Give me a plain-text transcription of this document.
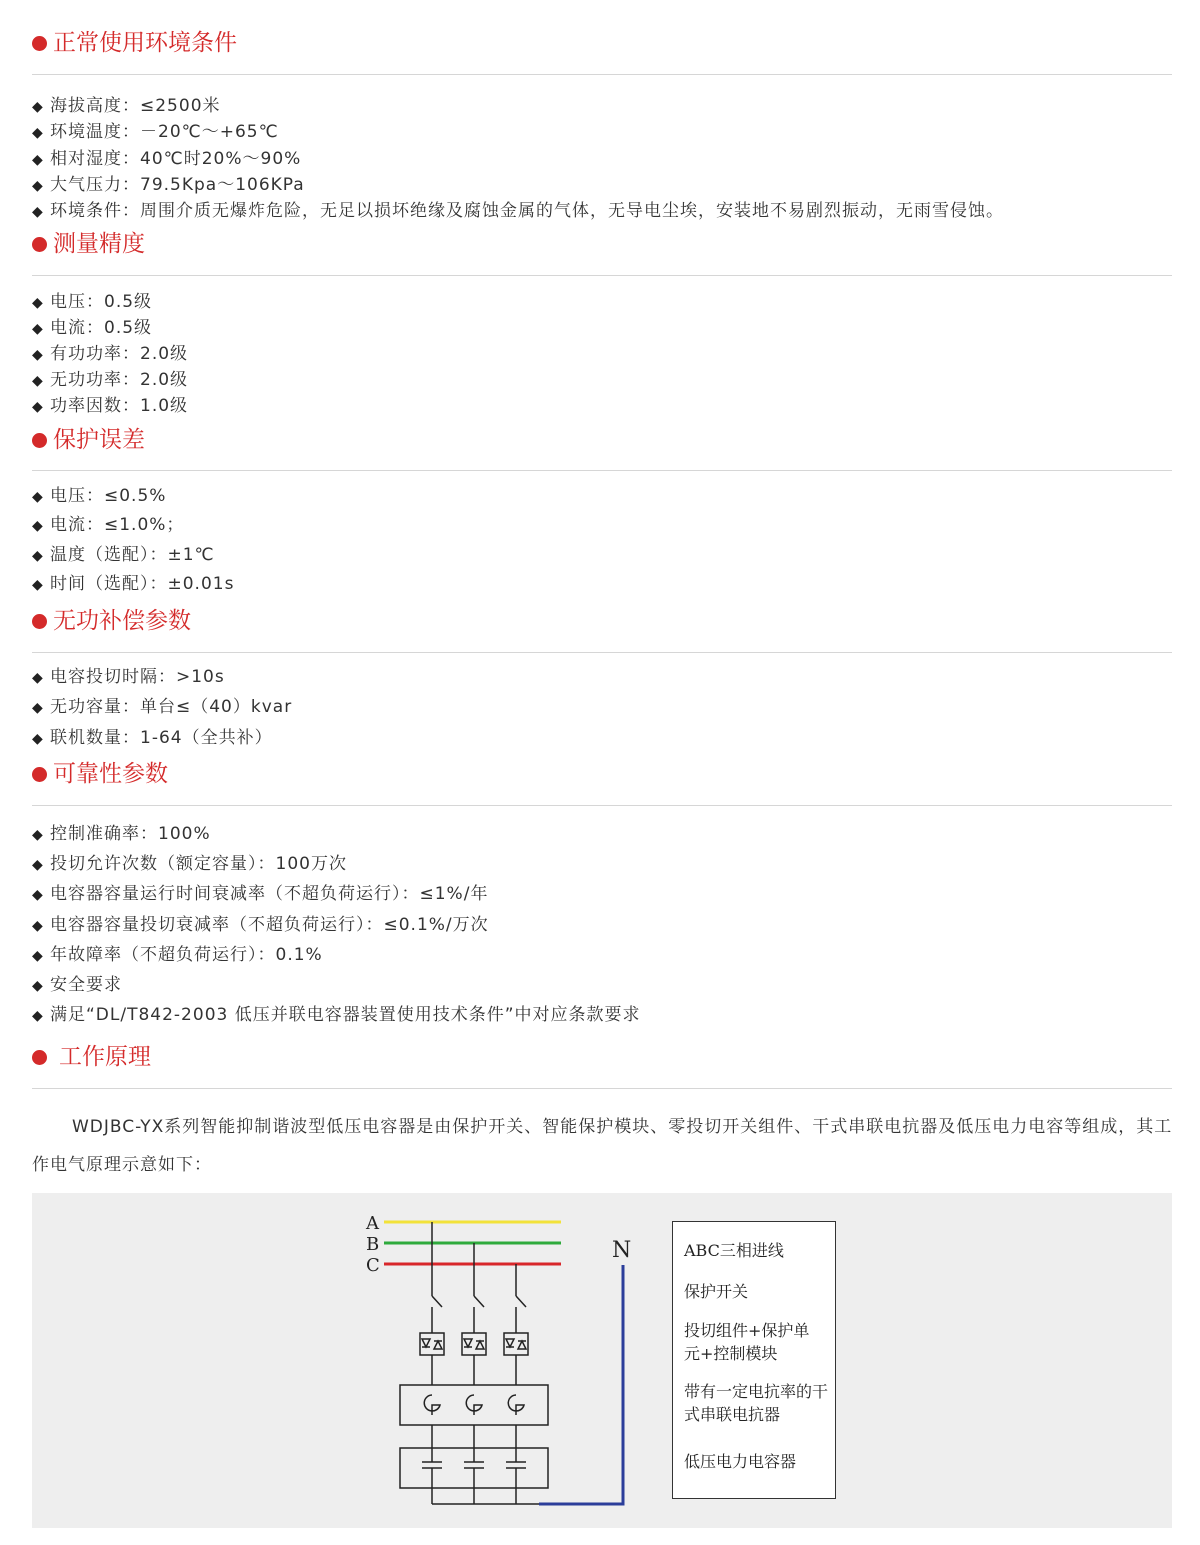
正常使用环境条件
◆ 海拔高度：≤2500米
◆ 环境温度：－20℃～+65℃
◆ 相对湿度：40℃时20%～90%
◆ 大气压力：79.5Kpa～106KPa
◆ 环境条件：周围介质无爆炸危险，无足以损坏绝缘及腐蚀金属的气体，无导电尘埃，安装地不易剧烈振动，无雨雪侵蚀。
测量精度
◆ 电压：0.5级
◆ 电流：0.5级
◆ 有功功率：2.0级
◆ 无功功率：2.0级
◆ 功率因数：1.0级
保护误差
◆ 电压：≤0.5%
◆ 电流：≤1.0%；
◆ 温度（选配）：±1℃
◆ 时间（选配）：±0.01s
无功补偿参数
◆ 电容投切时隔：>10s
◆ 无功容量：单台≤（40）kvar
◆ 联机数量：1-64（全共补）
可靠性参数
◆ 控制准确率：100%
◆ 投切允许次数（额定容量）：100万次
◆ 电容器容量运行时间衰减率（不超负荷运行）：≤1%/年
◆ 电容器容量投切衰减率（不超负荷运行）：≤0.1%/万次
◆ 年故障率（不超负荷运行）：0.1%
◆ 安全要求
◆ 满足“DL/T842-2003 低压并联电容器装置使用技术条件”中对应条款要求
工作原理
WDJBC-YX系列智能抑制谐波型低压电容器是由保护开关、智能保护模块、零投切开关组件、干式串联电抗器及低压电力电容等组成，其工作电气原理示意如下：
A
B
C
N	ABC三相进线
保护开关
投切组件+保护单元+控制模块
带有一定电抗率的干式串联电抗器
低压电力电容器
